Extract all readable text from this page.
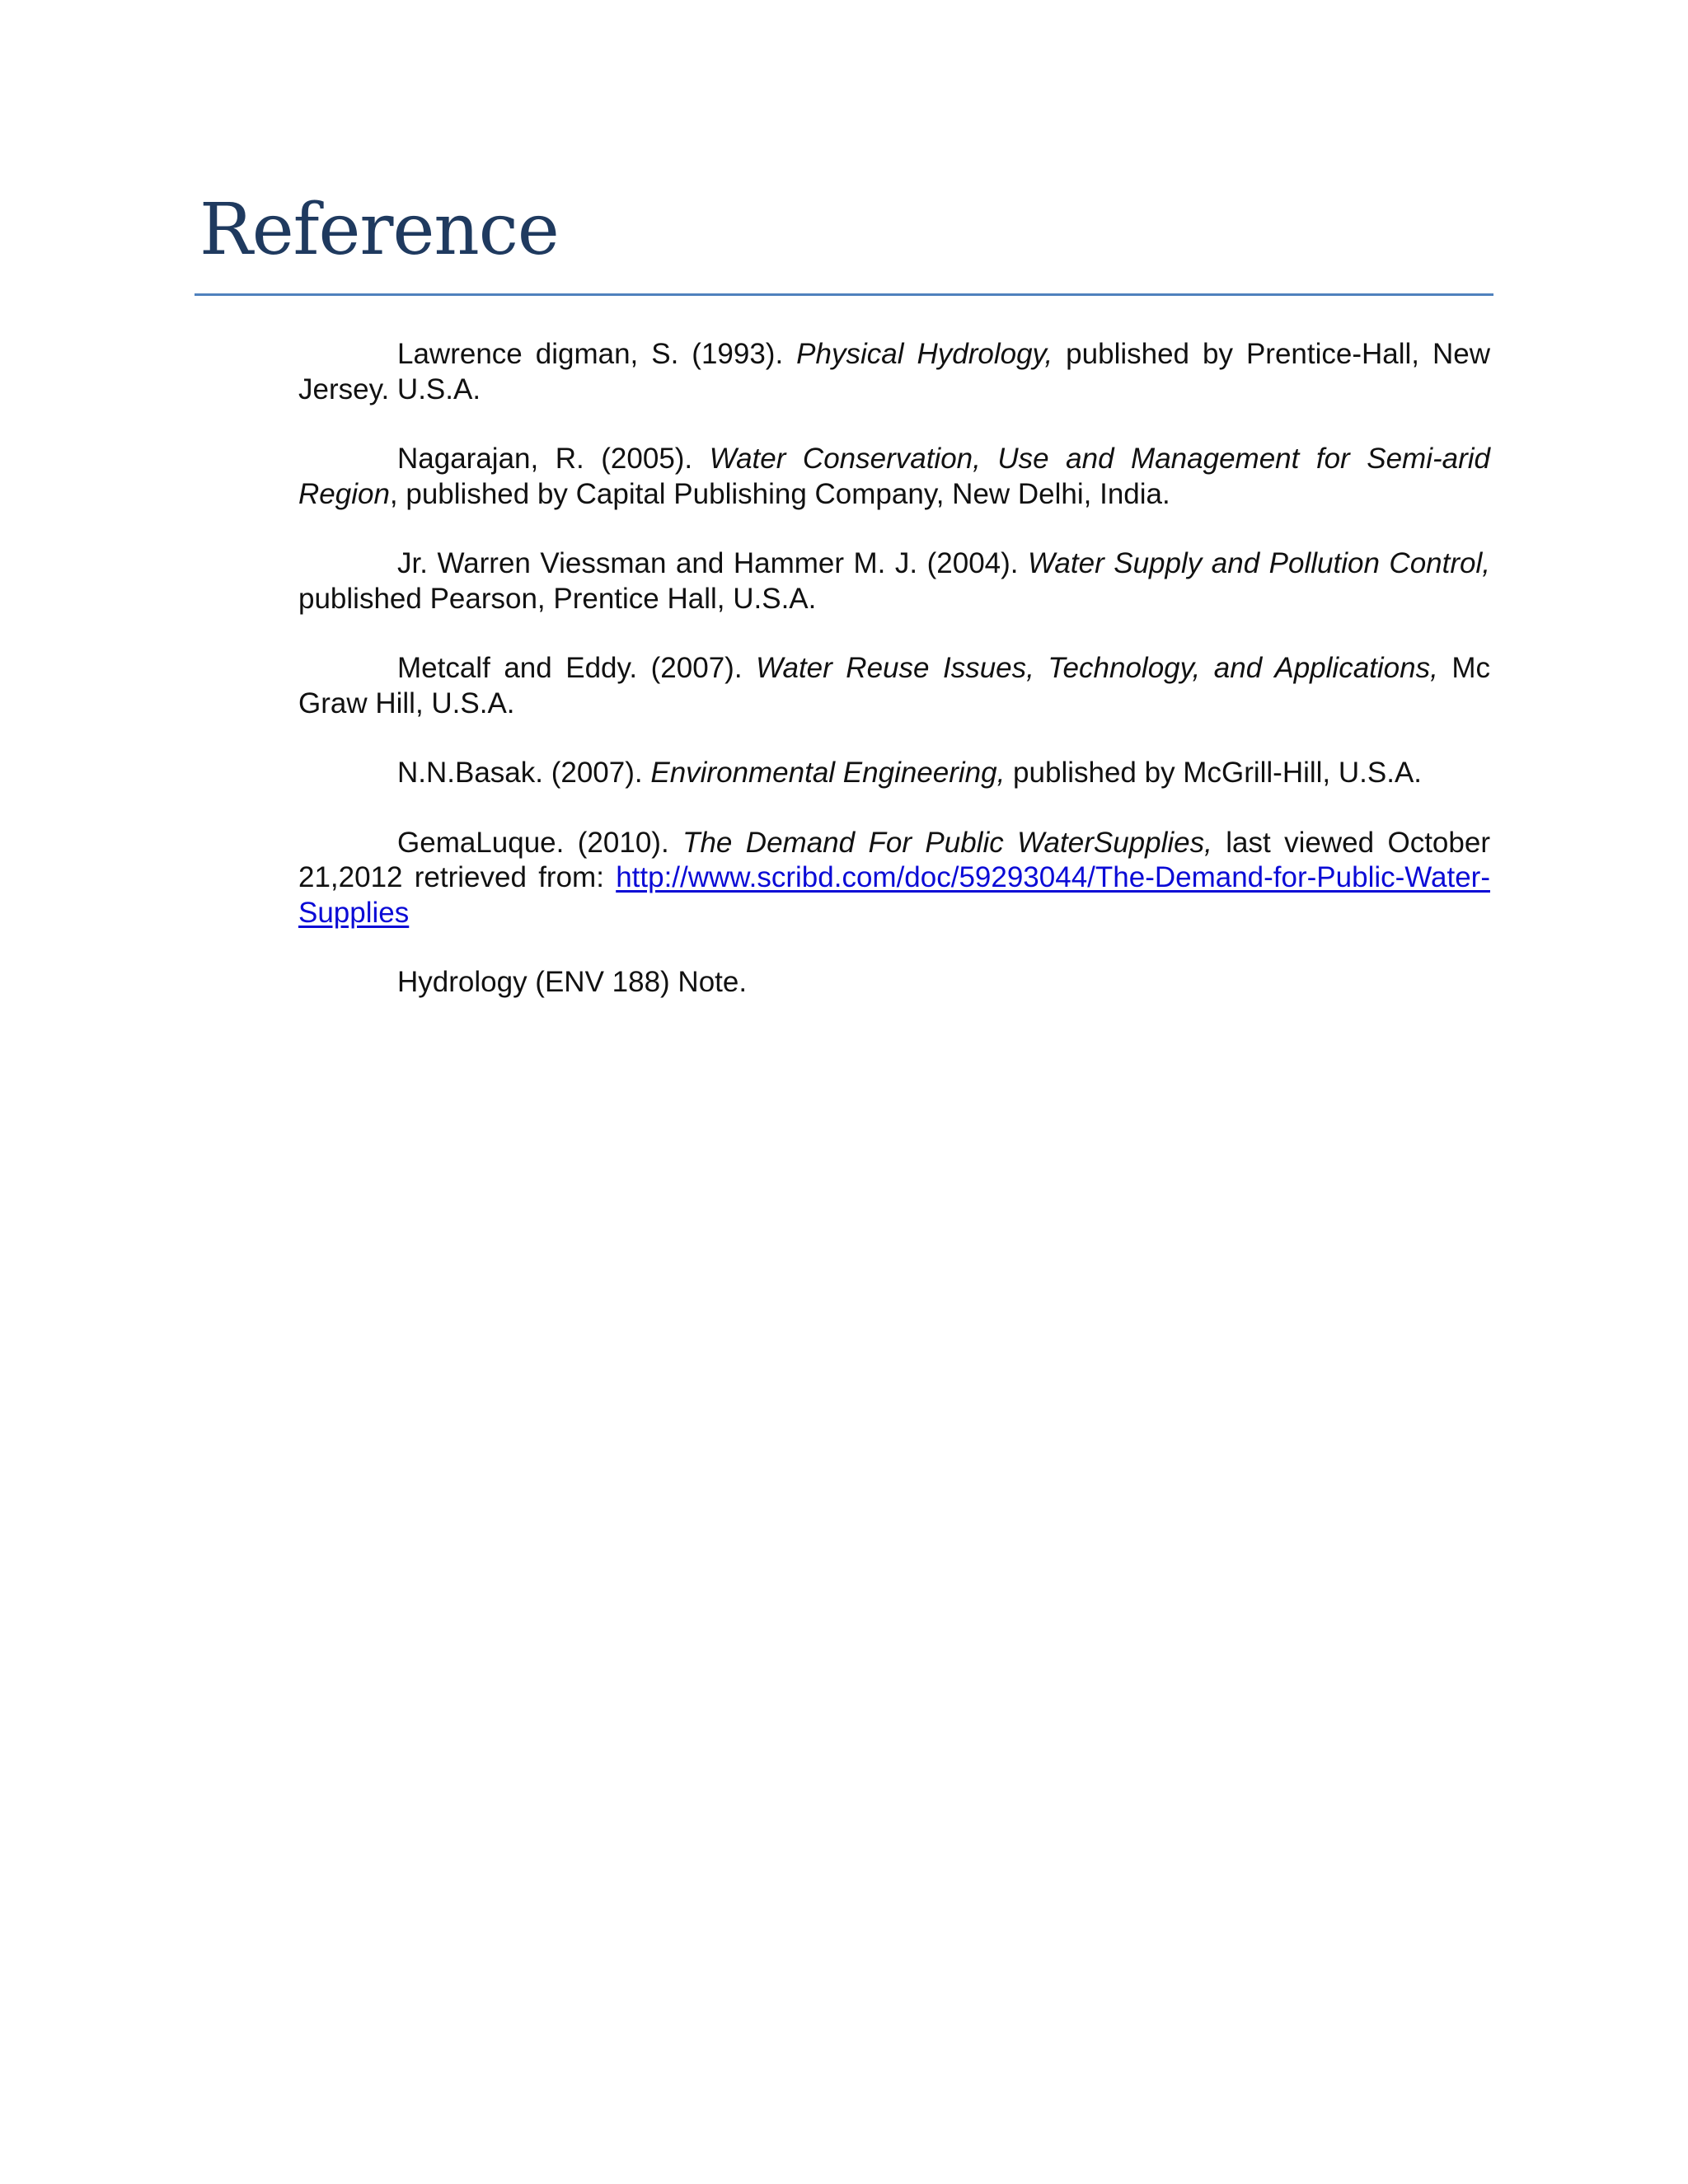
Reference
Lawrence digman, S. (1993). Physical Hydrology, published by Prentice-Hall, New Jersey. U.S.A.
Nagarajan, R. (2005). Water Conservation, Use and Management for Semi-arid Region, published by Capital Publishing Company, New Delhi, India.
Jr. Warren Viessman and Hammer M. J. (2004). Water Supply and Pollution Control, published Pearson, Prentice Hall, U.S.A.
Metcalf and Eddy. (2007). Water Reuse Issues, Technology, and Applications, Mc Graw Hill, U.S.A.
N.N.Basak. (2007). Environmental Engineering, published by McGrill-Hill, U.S.A.
GemaLuque. (2010). The Demand For Public WaterSupplies, last viewed October 21,2012 retrieved from: http://www.scribd.com/doc/59293044/The-Demand-for-Public-Water-Supplies
Hydrology (ENV 188) Note.
